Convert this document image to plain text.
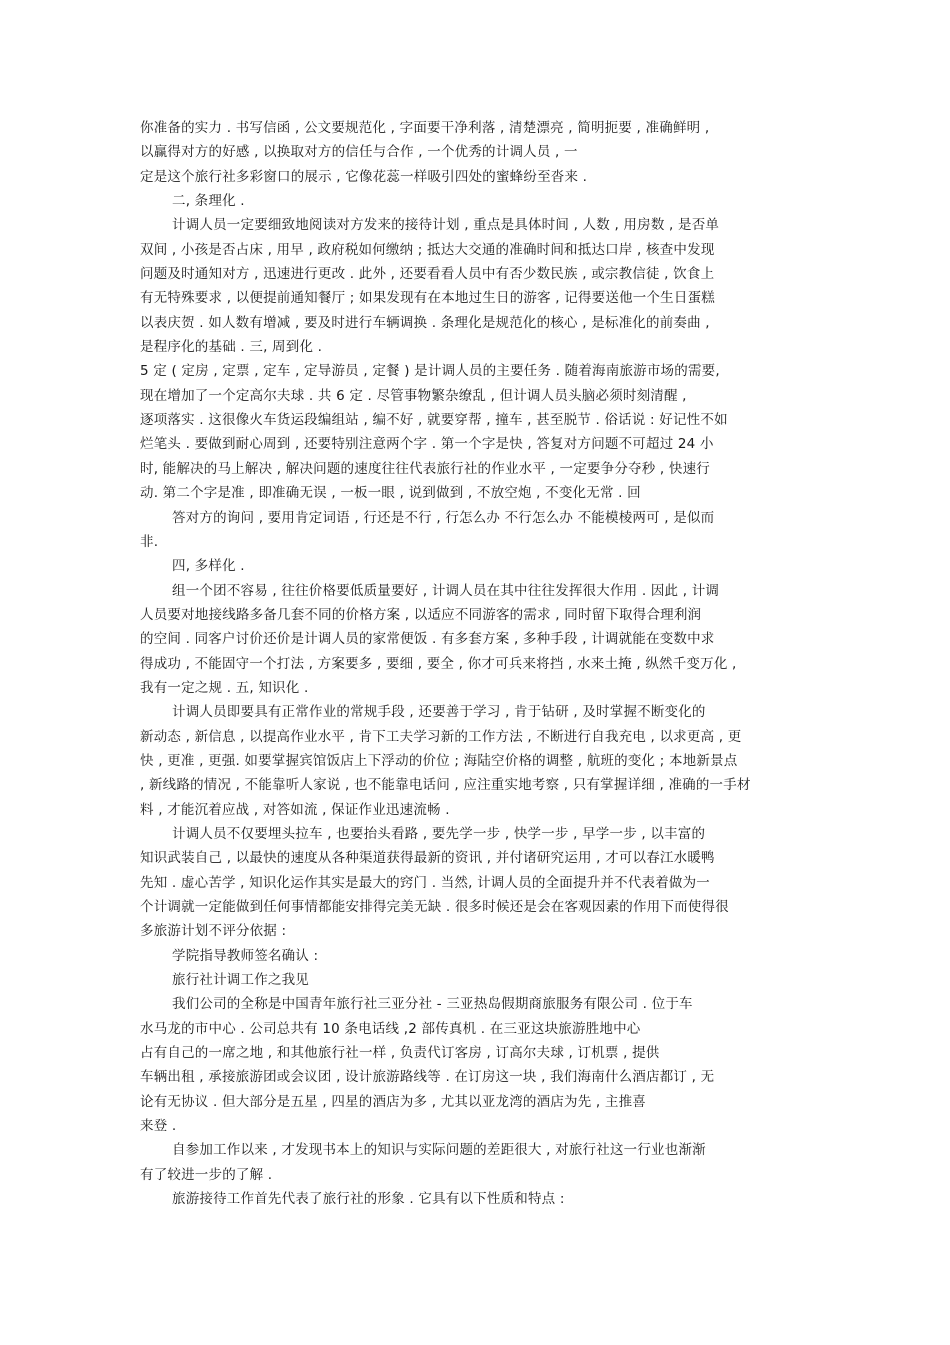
你准备的实力 . 书写信函 , 公文要规范化 , 字面要干净利落 , 清楚漂亮 , 简明扼要 , 准确鲜明 ,
以赢得对方的好感 , 以换取对方的信任与合作 , 一个优秀的计调人员 , 一
定是这个旅行社多彩窗口的展示 , 它像花蕊一样吸引四处的蜜蜂纷至沓来 .
二, 条理化 .
计调人员一定要细致地阅读对方发来的接待计划 , 重点是具体时间 , 人数 , 用房数 , 是否单
双间 , 小孩是否占床 , 用早 , 政府税如何缴纳 ; 抵达大交通的准确时间和抵达口岸 , 核查中发现
问题及时通知对方 , 迅速进行更改 . 此外 , 还要看看人员中有否少数民族 , 或宗教信徒 , 饮食上
有无特殊要求 , 以便提前通知餐厅 ; 如果发现有在本地过生日的游客 , 记得要送他一个生日蛋糕
以表庆贺 . 如人数有增减 , 要及时进行车辆调换 . 条理化是规范化的核心 , 是标准化的前奏曲 ,
是程序化的基础 . 三, 周到化 .
5 定 ( 定房 , 定票 , 定车 , 定导游员 , 定餐 ) 是计调人员的主要任务 . 随着海南旅游市场的需要,
现在增加了一个定高尔夫球 . 共 6 定 . 尽管事物繁杂缭乱 , 但计调人员头脑必须时刻清醒 ,
逐项落实 . 这很像火车货运段编组站 , 编不好 , 就要穿帮 , 撞车 , 甚至脱节 . 俗话说 : 好记性不如
烂笔头 . 要做到耐心周到 , 还要特别注意两个字 . 第一个字是快 , 答复对方问题不可超过 24 小
时, 能解决的马上解决 , 解决问题的速度往往代表旅行社的作业水平 , 一定要争分夺秒 , 快速行
动. 第二个字是准 , 即准确无误 , 一板一眼 , 说到做到 , 不放空炮 , 不变化无常 . 回
答对方的询问 , 要用肯定词语 , 行还是不行 , 行怎么办 不行怎么办 不能模棱两可 , 是似而
非.
四, 多样化 .
组一个团不容易 , 往往价格要低质量要好 , 计调人员在其中往往发挥很大作用 . 因此 , 计调
人员要对地接线路多备几套不同的价格方案 , 以适应不同游客的需求 , 同时留下取得合理利润
的空间 . 同客户讨价还价是计调人员的家常便饭 . 有多套方案 , 多种手段 , 计调就能在变数中求
得成功 , 不能固守一个打法 , 方案要多 , 要细 , 要全 , 你才可兵来将挡 , 水来土掩 , 纵然千变万化 ,
我有一定之规 . 五, 知识化 .
计调人员即要具有正常作业的常规手段 , 还要善于学习 , 肯于钻研 , 及时掌握不断变化的
新动态 , 新信息 , 以提高作业水平 , 肯下工夫学习新的工作方法 , 不断进行自我充电 , 以求更高 , 更
快 , 更准 , 更强. 如要掌握宾馆饭店上下浮动的价位 ; 海陆空价格的调整 , 航班的变化 ; 本地新景点
, 新线路的情况 , 不能靠听人家说 , 也不能靠电话问 , 应注重实地考察 , 只有掌握详细 , 准确的一手材
料 , 才能沉着应战 , 对答如流 , 保证作业迅速流畅 .
计调人员不仅要埋头拉车 , 也要抬头看路 , 要先学一步 , 快学一步 , 早学一步 , 以丰富的
知识武装自己 , 以最快的速度从各种渠道获得最新的资讯 , 并付诸研究运用 , 才可以春江水暖鸭
先知 . 虚心苦学 , 知识化运作其实是最大的窍门 . 当然, 计调人员的全面提升并不代表着做为一
个计调就一定能做到任何事情都能安排得完美无缺 . 很多时候还是会在客观因素的作用下而使得很
多旅游计划不评分依据 :
学院指导教师签名确认 :
旅行社计调工作之我见
我们公司的全称是中国青年旅行社三亚分社 - 三亚热岛假期商旅服务有限公司 . 位于车
水马龙的市中心 . 公司总共有 10 条电话线 ,2 部传真机 . 在三亚这块旅游胜地中心
占有自己的一席之地 , 和其他旅行社一样 , 负责代订客房 , 订高尔夫球 , 订机票 , 提供
车辆出租 , 承接旅游团或会议团 , 设计旅游路线等 . 在订房这一块 , 我们海南什么酒店都订 , 无
论有无协议 . 但大部分是五星 , 四星的酒店为多 , 尤其以亚龙湾的酒店为先 , 主推喜
来登 .
自参加工作以来 , 才发现书本上的知识与实际问题的差距很大 , 对旅行社这一行业也渐渐
有了较进一步的了解 .
旅游接待工作首先代表了旅行社的形象 . 它具有以下性质和特点 :
